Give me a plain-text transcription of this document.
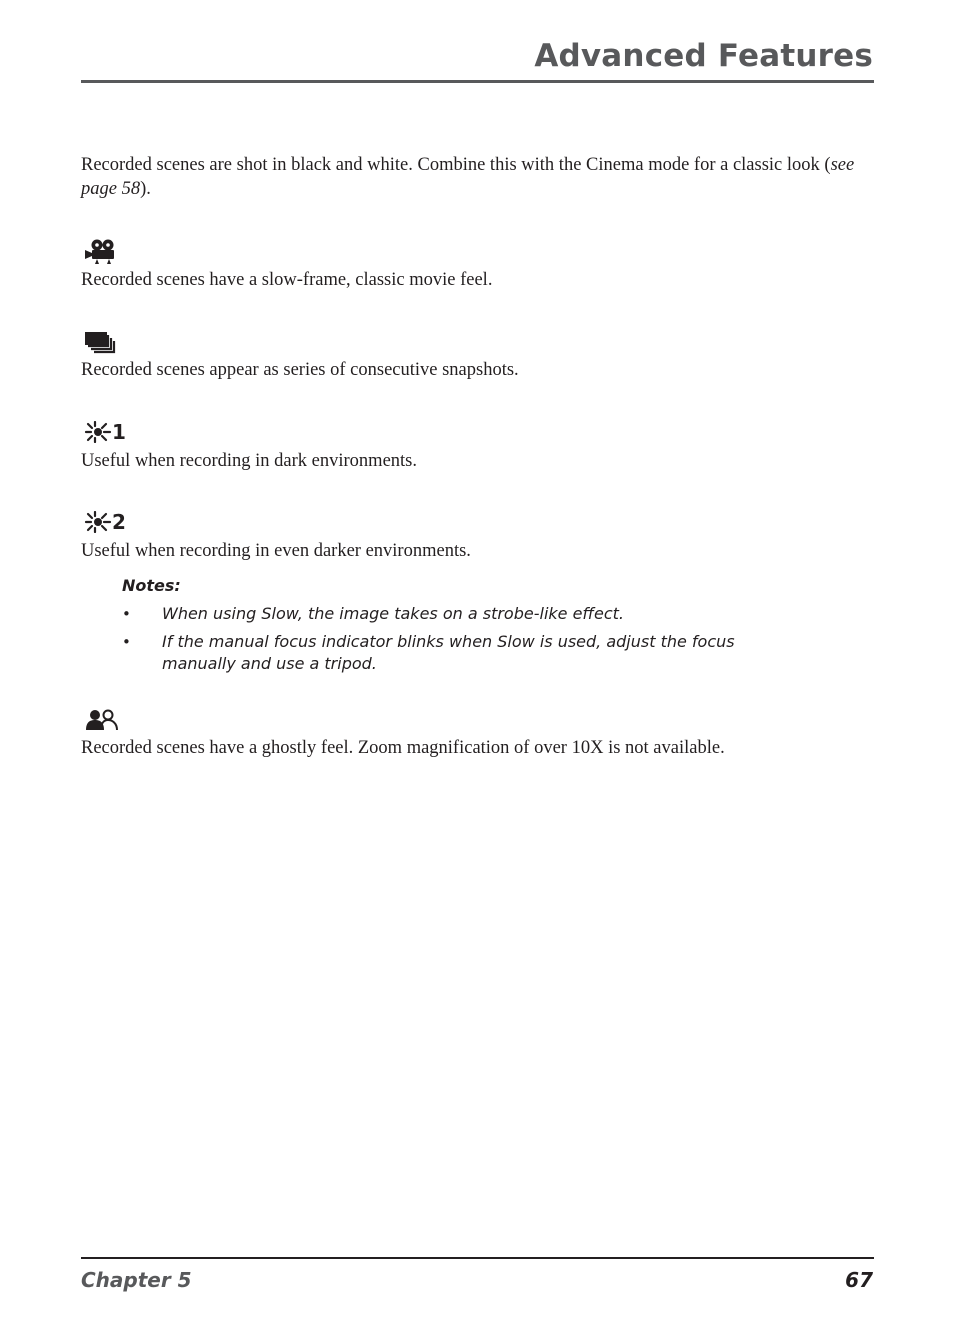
Advanced Features

Recorded scenes are shot in black and white. Combine this with the Cinema mode for a classic look (see page 58).

Recorded scenes have a slow-frame, classic movie feel.

Recorded scenes appear as series of consecutive snapshots.

1

Useful when recording in dark environments.

2

Useful when recording in even darker environments.

Notes:

• When using Slow, the image takes on a strobe-like effect.

• If the manual focus indicator blinks when Slow is used, adjust the focus manually and use a tripod.

Recorded scenes have a ghostly feel. Zoom magnification of over 10X is not available.

Chapter 5	67
